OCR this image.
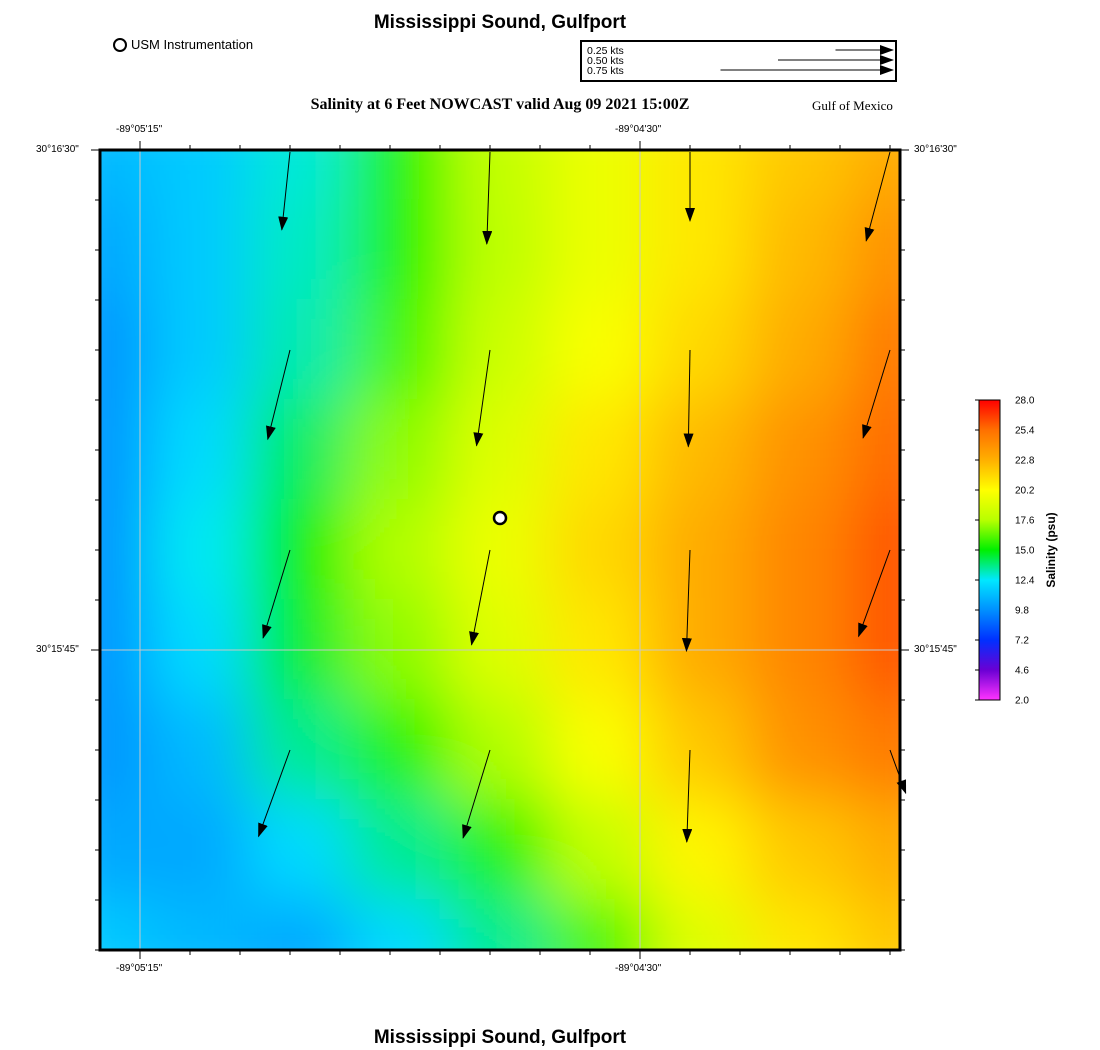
Mississippi Sound, Gulfport
USM Instrumentation	0.25 kts
0.50 kts
0.75 kts
Salinity at 6 Feet NOWCAST valid Aug 09 2021 15:00Z	Gulf of Mexico
-89°05'15"	-89°04'30"
-89°05'15"	-89°04'30"
30°16'30"
30°15'45"
30°16'30"
30°15'45"
28.0
25.4
22.8
20.2
17.6
15.0
12.4
9.8
7.2
4.6
2.0
Salinity (psu)
Mississippi Sound, Gulfport
